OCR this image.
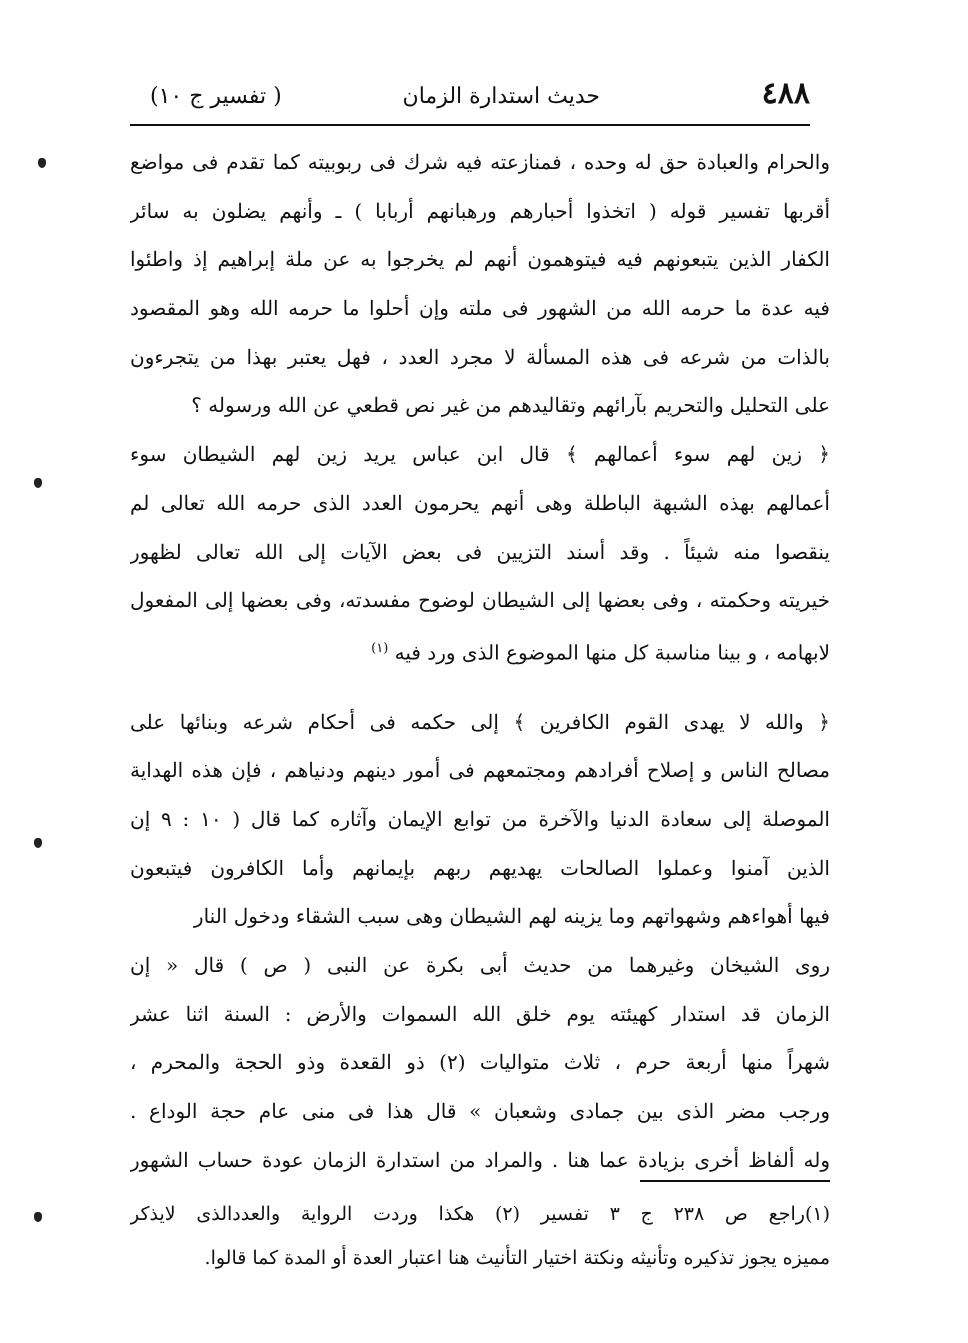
٤٨٨
حديث استدارة الزمان
( تفسير ج ١٠)
والحرام والعبادة حق له وحده ، فمنازعته فيه شرك فى ربوبيته كما تقدم فى مواضع
أقربها تفسير قوله ( اتخذوا أحبارهم ورهبانهم أربابا ) ـ وأنهم يضلون به سائر
الكفار الذين يتبعونهم فيه فيتوهمون أنهم لم يخرجوا به عن ملة إبراهيم إذ واطئوا
فيه عدة ما حرمه الله من الشهور فى ملته وإن أحلوا ما حرمه الله وهو المقصود
بالذات من شرعه فى هذه المسألة لا مجرد العدد ، فهل يعتبر بهذا من يتجرءون
على التحليل والتحريم بآرائهم وتقاليدهم من غير نص قطعي عن الله ورسوله ؟
﴿ زين لهم سوء أعمالهم ﴾ قال ابن عباس يريد زين لهم الشيطان سوء
أعمالهم بهذه الشبهة الباطلة وهى أنهم يحرمون العدد الذى حرمه الله تعالى لم
ينقصوا منه شيئاً . وقد أسند التزيين فى بعض الآيات إلى الله تعالى لظهور
خيريته وحكمته ، وفى بعضها إلى الشيطان لوضوح مفسدته، وفى بعضها إلى المفعول
لابهامه ، و بينا مناسبة كل منها الموضوع الذى ورد فيه $^{(١)}$
﴿ والله لا يهدى القوم الكافرين ﴾ إلى حكمه فى أحكام شرعه وبنائها على
مصالح الناس و إصلاح أفرادهم ومجتمعهم فى أمور دينهم ودنياهم ، فإن هذه الهداية
الموصلة إلى سعادة الدنيا والآخرة من توابع الإيمان وآثاره كما قال ( ١٠ : ٩ إن
الذين آمنوا وعملوا الصالحات يهديهم ربهم بإيمانهم وأما الكافرون فيتبعون
فيها أهواءهم وشهواتهم وما يزينه لهم الشيطان وهى سبب الشقاء ودخول النار
روى الشيخان وغيرهما من حديث أبى بكرة عن النبى ( ص ) قال « إن
الزمان قد استدار كهيئته يوم خلق الله السموات والأرض : السنة اثنا عشر
شهراً منها أربعة حرم ، ثلاث متواليات (٢) ذو القعدة وذو الحجة والمحرم ،
ورجب مضر الذى بين جمادى وشعبان » قال هذا فى منى عام حجة الوداع .
وله ألفاظ أخرى بزيادة عما هنا . والمراد من استدارة الزمان عودة حساب الشهور
(١)راجع ص ٢٣٨ ج ٣ تفسير (٢) هكذا وردت الرواية والعددالذى لايذكر
مميزه يجوز تذكيره وتأنيثه ونكتة اختيار التأنيث هنا اعتبار العدة أو المدة كما قالوا.
